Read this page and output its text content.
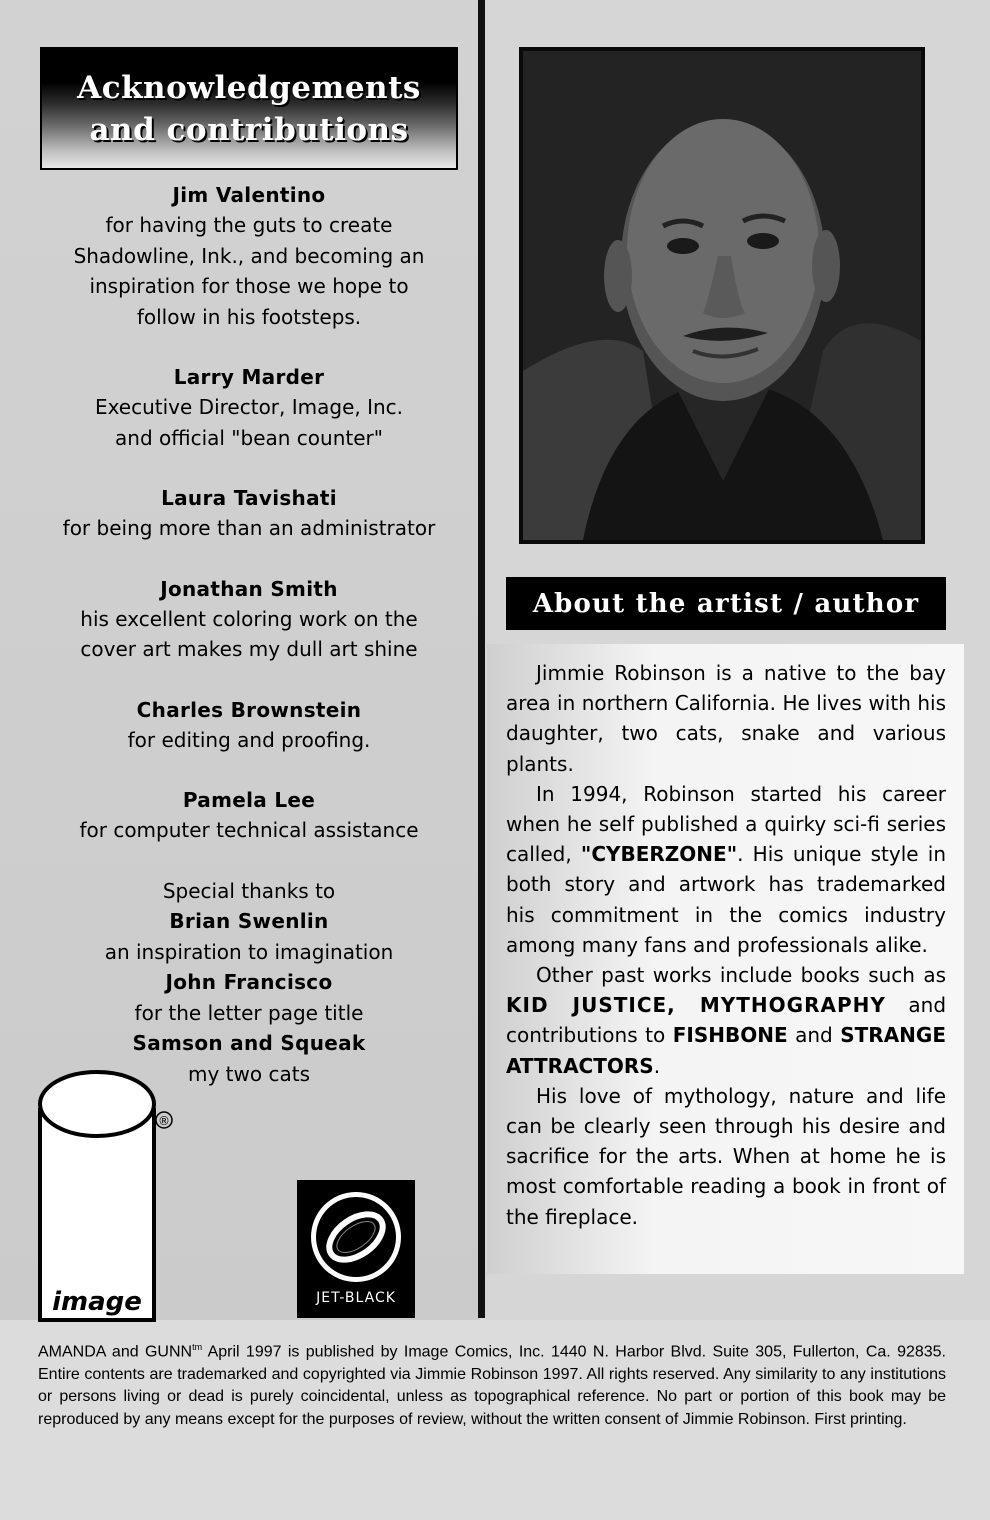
Acknowledgements
and contributions
Jim Valentino
for having the guts to create
Shadowline, Ink., and becoming an
inspiration for those we hope to
follow in his footsteps.
Larry Marder
Executive Director, Image, Inc.
and official "bean counter"
Laura Tavishati
for being more than an administrator
Jonathan Smith
his excellent coloring work on the
cover art makes my dull art shine
Charles Brownstein
for editing and proofing.
Pamela Lee
for computer technical assistance
Special thanks to
Brian Swenlin
an inspiration to imagination
John Francisco
for the letter page title
Samson and Squeak
my two cats
®
image	JET-BLACK
About the artist / author

Jimmie Robinson is a native to the bay area in northern California. He lives with his daughter, two cats, snake and various plants.

In 1994, Robinson started his career when he self published a quirky sci-fi series called, "CYBERZONE". His unique style in both story and artwork has trademarked his commitment in the comics industry among many fans and professionals alike.

Other past works include books such as KID JUSTICE, MYTHOGRAPHY and contributions to FISHBONE and STRANGE ATTRACTORS.

His love of mythology, nature and life can be clearly seen through his desire and sacrifice for the arts. When at home he is most comfortable reading a book in front of the fireplace.

AMANDA and $GUNN^{tm}$ April 1997 is published by Image Comics, Inc. 1440 N. Harbor Blvd. Suite 305, Fullerton, Ca. 92835. Entire contents are trademarked and copyrighted via Jimmie Robinson 1997. All rights reserved. Any similarity to any institutions or persons living or dead is purely coincidental, unless as topographical reference. No part or portion of this book may be reproduced by any means except for the purposes of review, without the written consent of Jimmie Robinson. First printing.
